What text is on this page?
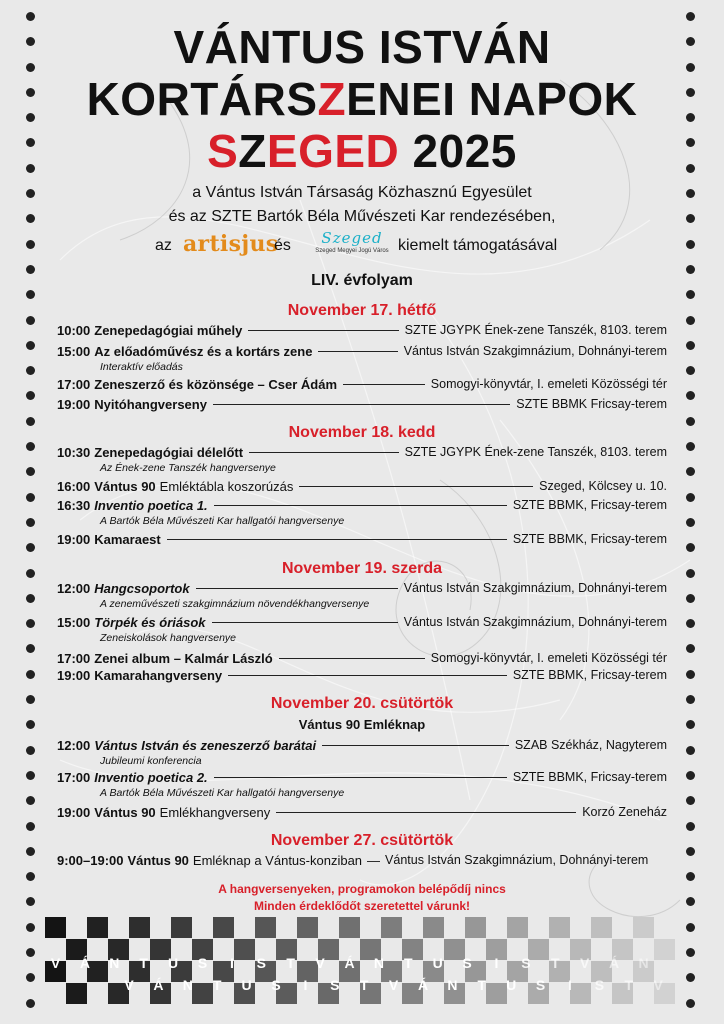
VÁNTUS ISTVÁN
KORTÁRSZENEI NAPOK
SZEGED 2025
a Vántus István Társaság Közhasznú Egyesület
és az SZTE Bartók Béla Művészeti Kar rendezésében,
az artisjus
és	Szeged
Szeged Megyei Jogú Város kiemelt támogatásával
LIV. évfolyam
November 17. hétfő
10:00 Zenepedagógiai műhely	SZTE JGYPK Ének-zene Tanszék, 8103. terem
15:00 Az előadóművész és a kortárs zene	Vántus István Szakgimnázium, Dohnányi-terem
Interaktív előadás
17:00 Zeneszerző és közönsége – Cser Ádám	Somogyi-könyvtár, I. emeleti Közösségi tér
19:00 Nyitóhangverseny	SZTE BBMK Fricsay-terem
November 18. kedd
10:30 Zenepedagógiai délelőtt	SZTE JGYPK Ének-zene Tanszék, 8103. terem
Az Ének-zene Tanszék hangversenye
16:00 Vántus 90 Emléktábla koszorúzás	Szeged, Kölcsey u. 10.
16:30 Inventio poetica 1.	SZTE BBMK, Fricsay-terem
A Bartók Béla Művészeti Kar hallgatói hangversenye
19:00 Kamaraest	SZTE BBMK, Fricsay-terem
November 19. szerda
12:00 Hangcsoportok	Vántus István Szakgimnázium, Dohnányi-terem
A zeneművészeti szakgimnázium növendékhangversenye
15:00 Törpék és óriások	Vántus István Szakgimnázium, Dohnányi-terem
Zeneiskolások hangversenye
17:00 Zenei album – Kalmár László	Somogyi-könyvtár, I. emeleti Közösségi tér
19:00 Kamarahangverseny	SZTE BBMK, Fricsay-terem
November 20. csütörtök
Vántus 90 Emléknap
12:00 Vántus István és zeneszerző barátai	SZAB Székház, Nagyterem
Jubileumi konferencia
17:00 Inventio poetica 2.	SZTE BBMK, Fricsay-terem
A Bartók Béla Művészeti Kar hallgatói hangversenye
19:00 Vántus 90 Emlékhangverseny	Korzó Zeneház
November 27. csütörtök
9:00–19:00 Vántus 90 Emléknap a Vántus-konziban — Vántus István Szakgimnázium, Dohnányi-terem
A hangversenyeken, programokon belépődíj nincs
Minden érdeklődőt szeretettel várunk!
V	Á	N	T	U	S	I	S	T	V	Á	N	T	U	S	I	S	T	V	Á	N
V	Á	N	T	U	S	I	S	T	V	Á	N	T	U	S	I	S	T	V
